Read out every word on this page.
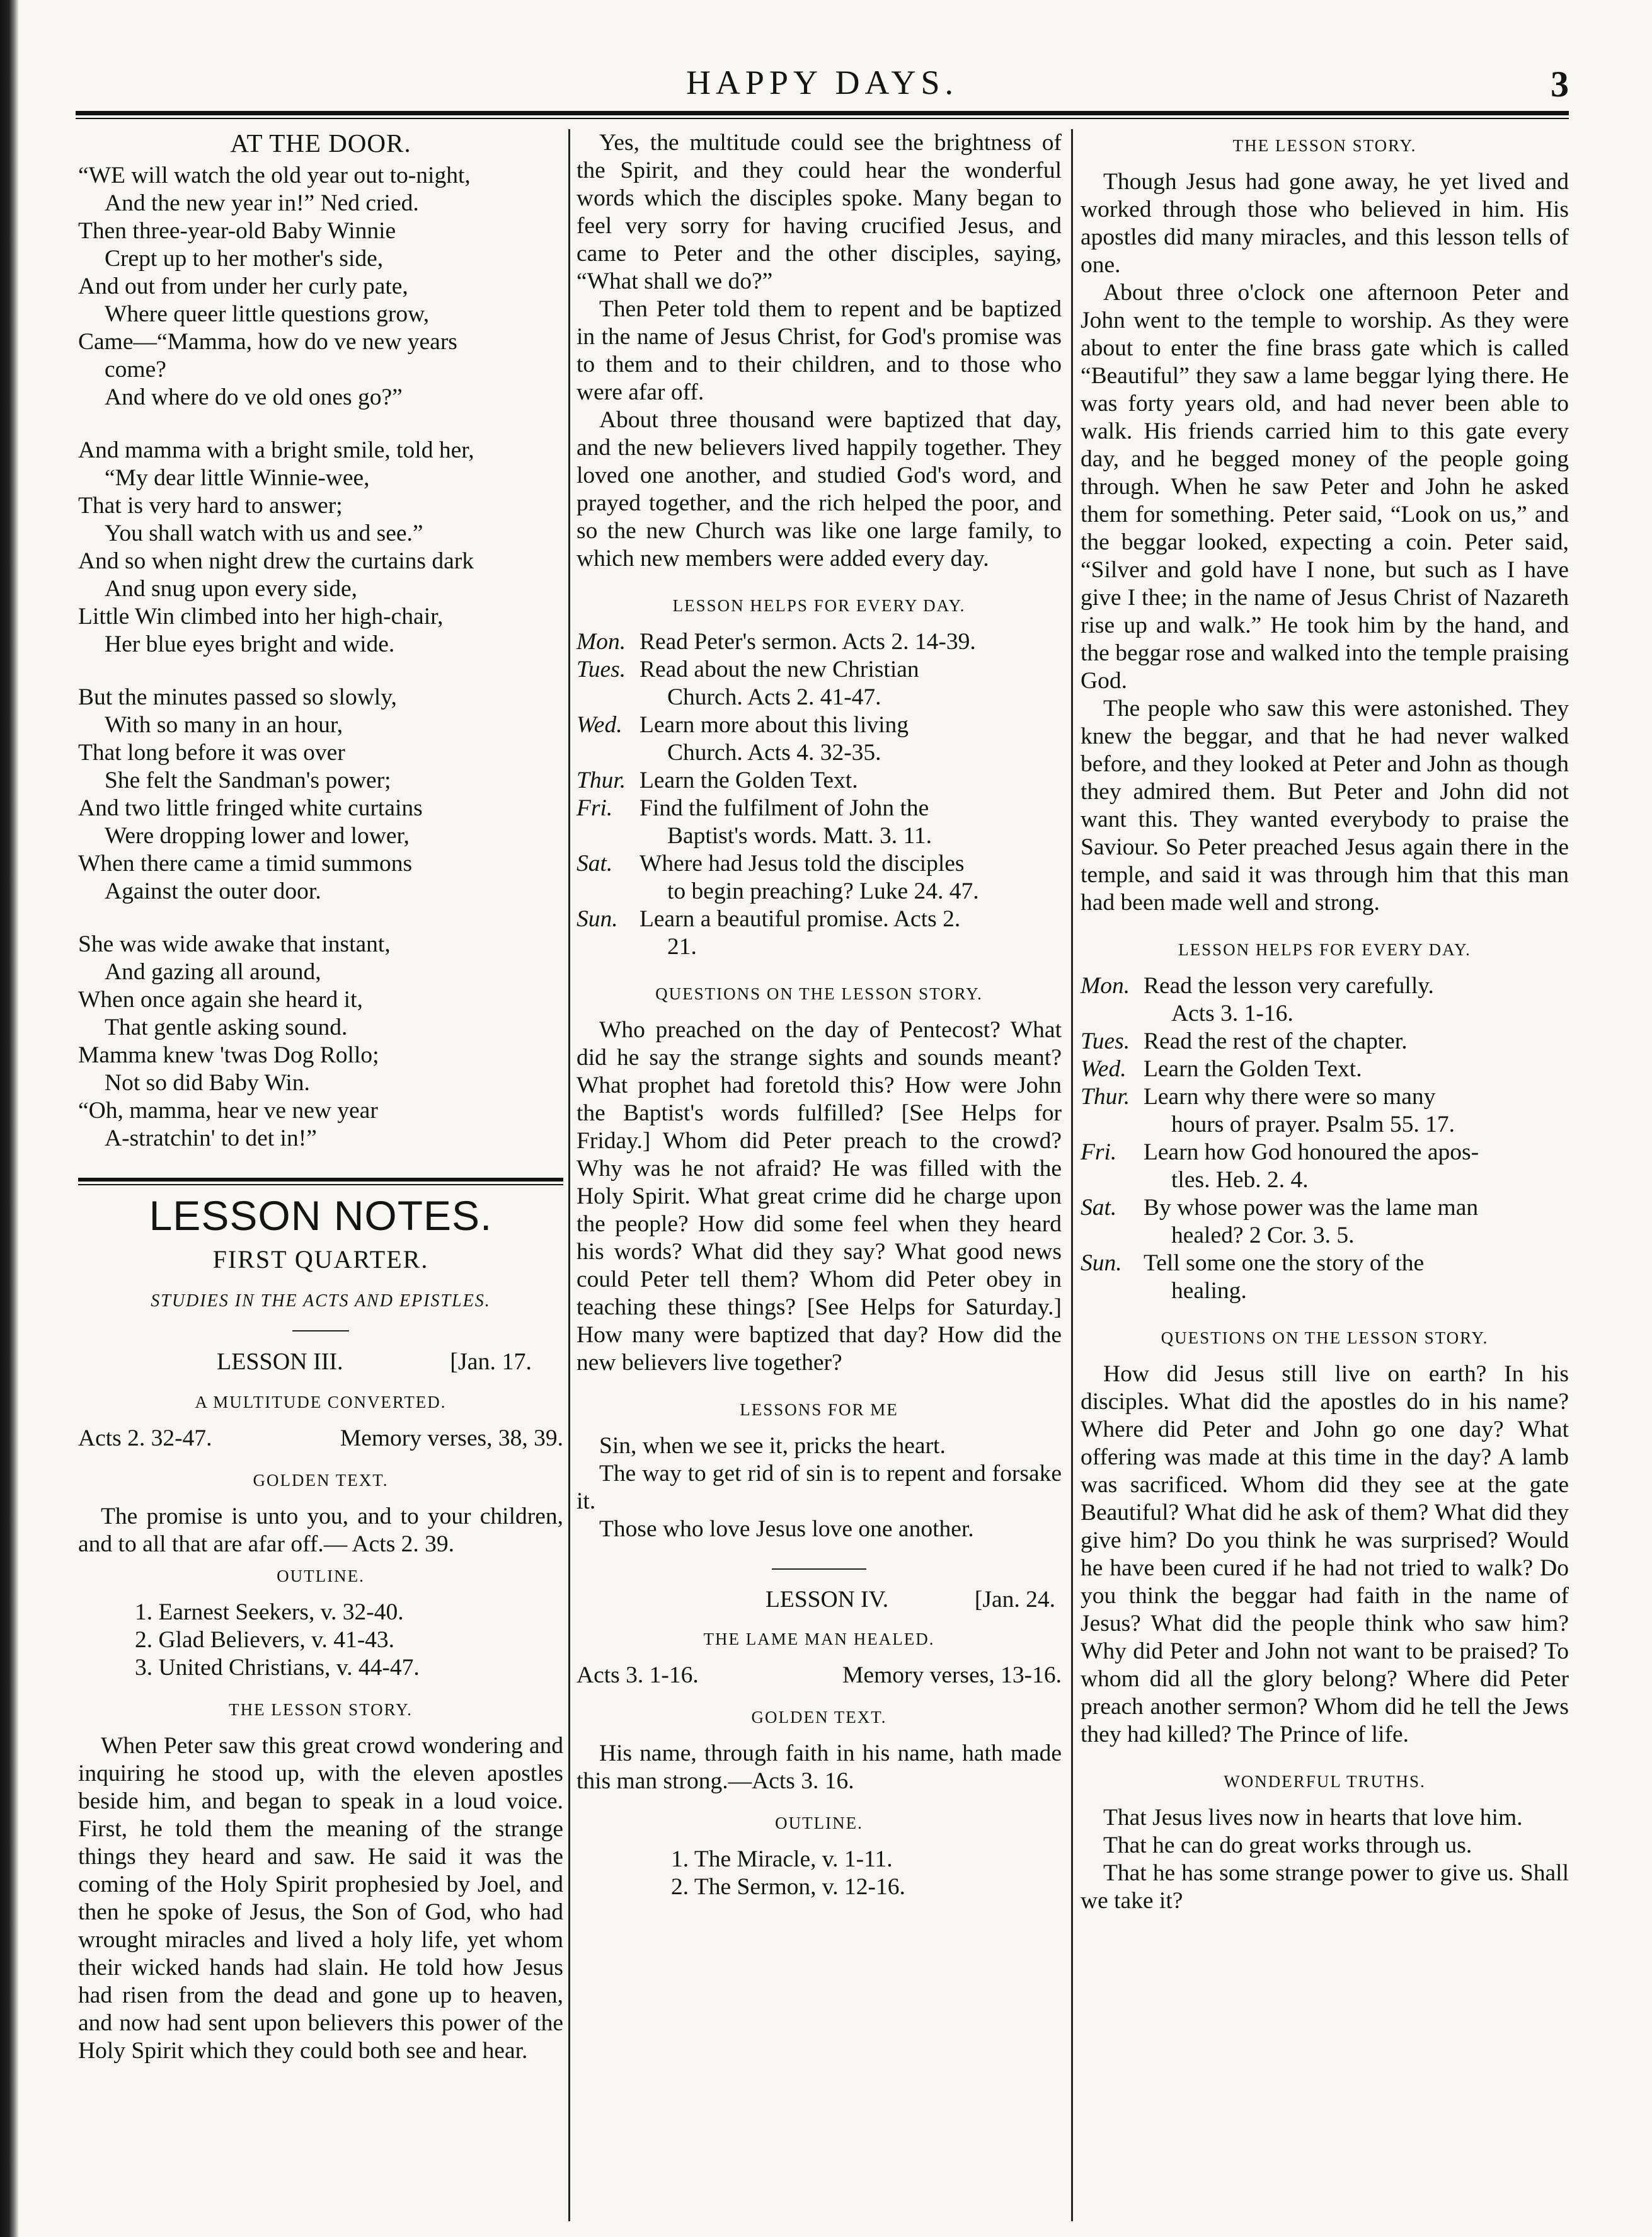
HAPPY DAYS.	3
AT THE DOOR.
“WE will watch the old year out to-night,
And the new year in!” Ned cried.
Then three-year-old Baby Winnie
Crept up to her mother's side,
And out from under her curly pate,
Where queer little questions grow,
Came—“Mamma, how do ve new years
come?
And where do ve old ones go?”
And mamma with a bright smile, told her,
“My dear little Winnie-wee,
That is very hard to answer;
You shall watch with us and see.”
And so when night drew the curtains dark
And snug upon every side,
Little Win climbed into her high-chair,
Her blue eyes bright and wide.
But the minutes passed so slowly,
With so many in an hour,
That long before it was over
She felt the Sandman's power;
And two little fringed white curtains
Were dropping lower and lower,
When there came a timid summons
Against the outer door.
She was wide awake that instant,
And gazing all around,
When once again she heard it,
That gentle asking sound.
Mamma knew 'twas Dog Rollo;
Not so did Baby Win.
“Oh, mamma, hear ve new year
A-stratchin' to det in!”
LESSON NOTES.
FIRST QUARTER.
STUDIES IN THE ACTS AND EPISTLES.
LESSON III.	[Jan. 17.
A MULTITUDE CONVERTED.
Acts 2. 32-47.	Memory verses, 38, 39.
GOLDEN TEXT.

The promise is unto you, and to your children, and to all that are afar off.— Acts 2. 39.

OUTLINE.
1. Earnest Seekers, v. 32-40.
2. Glad Believers, v. 41-43.
3. United Christians, v. 44-47.
THE LESSON STORY.

When Peter saw this great crowd wondering and inquiring he stood up, with the eleven apostles beside him, and began to speak in a loud voice. First, he told them the meaning of the strange things they heard and saw. He said it was the coming of the Holy Spirit prophesied by Joel, and then he spoke of Jesus, the Son of God, who had wrought miracles and lived a holy life, yet whom their wicked hands had slain. He told how Jesus had risen from the dead and gone up to heaven, and now had sent upon believers this power of the Holy Spirit which they could both see and hear.

Yes, the multitude could see the brightness of the Spirit, and they could hear the wonderful words which the disciples spoke. Many began to feel very sorry for having crucified Jesus, and came to Peter and the other disciples, saying, “What shall we do?”

Then Peter told them to repent and be baptized in the name of Jesus Christ, for God's promise was to them and to their children, and to those who were afar off.

About three thousand were baptized that day, and the new believers lived happily together. They loved one another, and studied God's word, and prayed together, and the rich helped the poor, and so the new Church was like one large family, to which new members were added every day.

LESSON HELPS FOR EVERY DAY.
Mon. Read Peter's sermon. Acts 2. 14-39.
Tues. Read about the new Christian
Church. Acts 2. 41-47.
Wed. Learn more about this living
Church. Acts 4. 32-35.
Thur. Learn the Golden Text.
Fri.	Find the fulfilment of John the
Baptist's words. Matt. 3. 11.
Sat.	Where had Jesus told the disciples
to begin preaching? Luke 24. 47.
Sun. Learn a beautiful promise. Acts 2.
21.
QUESTIONS ON THE LESSON STORY.

Who preached on the day of Pentecost? What did he say the strange sights and sounds meant? What prophet had foretold this? How were John the Baptist's words fulfilled? [See Helps for Friday.] Whom did Peter preach to the crowd? Why was he not afraid? He was filled with the Holy Spirit. What great crime did he charge upon the people? How did some feel when they heard his words? What did they say? What good news could Peter tell them? Whom did Peter obey in teaching these things? [See Helps for Saturday.] How many were baptized that day? How did the new believers live together?

LESSONS FOR ME

Sin, when we see it, pricks the heart.

The way to get rid of sin is to repent and forsake it.

Those who love Jesus love one another.

LESSON IV.	[Jan. 24.
THE LAME MAN HEALED.
Acts 3. 1-16.	Memory verses, 13-16.
GOLDEN TEXT.

His name, through faith in his name, hath made this man strong.—Acts 3. 16.

OUTLINE.
1. The Miracle, v. 1-11.
2. The Sermon, v. 12-16.
THE LESSON STORY.

Though Jesus had gone away, he yet lived and worked through those who believed in him. His apostles did many miracles, and this lesson tells of one.

About three o'clock one afternoon Peter and John went to the temple to worship. As they were about to enter the fine brass gate which is called “Beautiful” they saw a lame beggar lying there. He was forty years old, and had never been able to walk. His friends carried him to this gate every day, and he begged money of the people going through. When he saw Peter and John he asked them for something. Peter said, “Look on us,” and the beggar looked, expecting a coin. Peter said, “Silver and gold have I none, but such as I have give I thee; in the name of Jesus Christ of Nazareth rise up and walk.” He took him by the hand, and the beggar rose and walked into the temple praising God.

The people who saw this were astonished. They knew the beggar, and that he had never walked before, and they looked at Peter and John as though they admired them. But Peter and John did not want this. They wanted everybody to praise the Saviour. So Peter preached Jesus again there in the temple, and said it was through him that this man had been made well and strong.

LESSON HELPS FOR EVERY DAY.
Mon. Read the lesson very carefully.
Acts 3. 1-16.
Tues. Read the rest of the chapter.
Wed. Learn the Golden Text.
Thur. Learn why there were so many
hours of prayer. Psalm 55. 17.
Fri.	Learn how God honoured the apos-
tles. Heb. 2. 4.
Sat.	By whose power was the lame man
healed? 2 Cor. 3. 5.
Sun. Tell some one the story of the
healing.
QUESTIONS ON THE LESSON STORY.

How did Jesus still live on earth? In his disciples. What did the apostles do in his name? Where did Peter and John go one day? What offering was made at this time in the day? A lamb was sacrificed. Whom did they see at the gate Beautiful? What did he ask of them? What did they give him? Do you think he was surprised? Would he have been cured if he had not tried to walk? Do you think the beggar had faith in the name of Jesus? What did the people think who saw him? Why did Peter and John not want to be praised? To whom did all the glory belong? Where did Peter preach another sermon? Whom did he tell the Jews they had killed? The Prince of life.

WONDERFUL TRUTHS.

That Jesus lives now in hearts that love him.

That he can do great works through us.

That he has some strange power to give us. Shall we take it?
